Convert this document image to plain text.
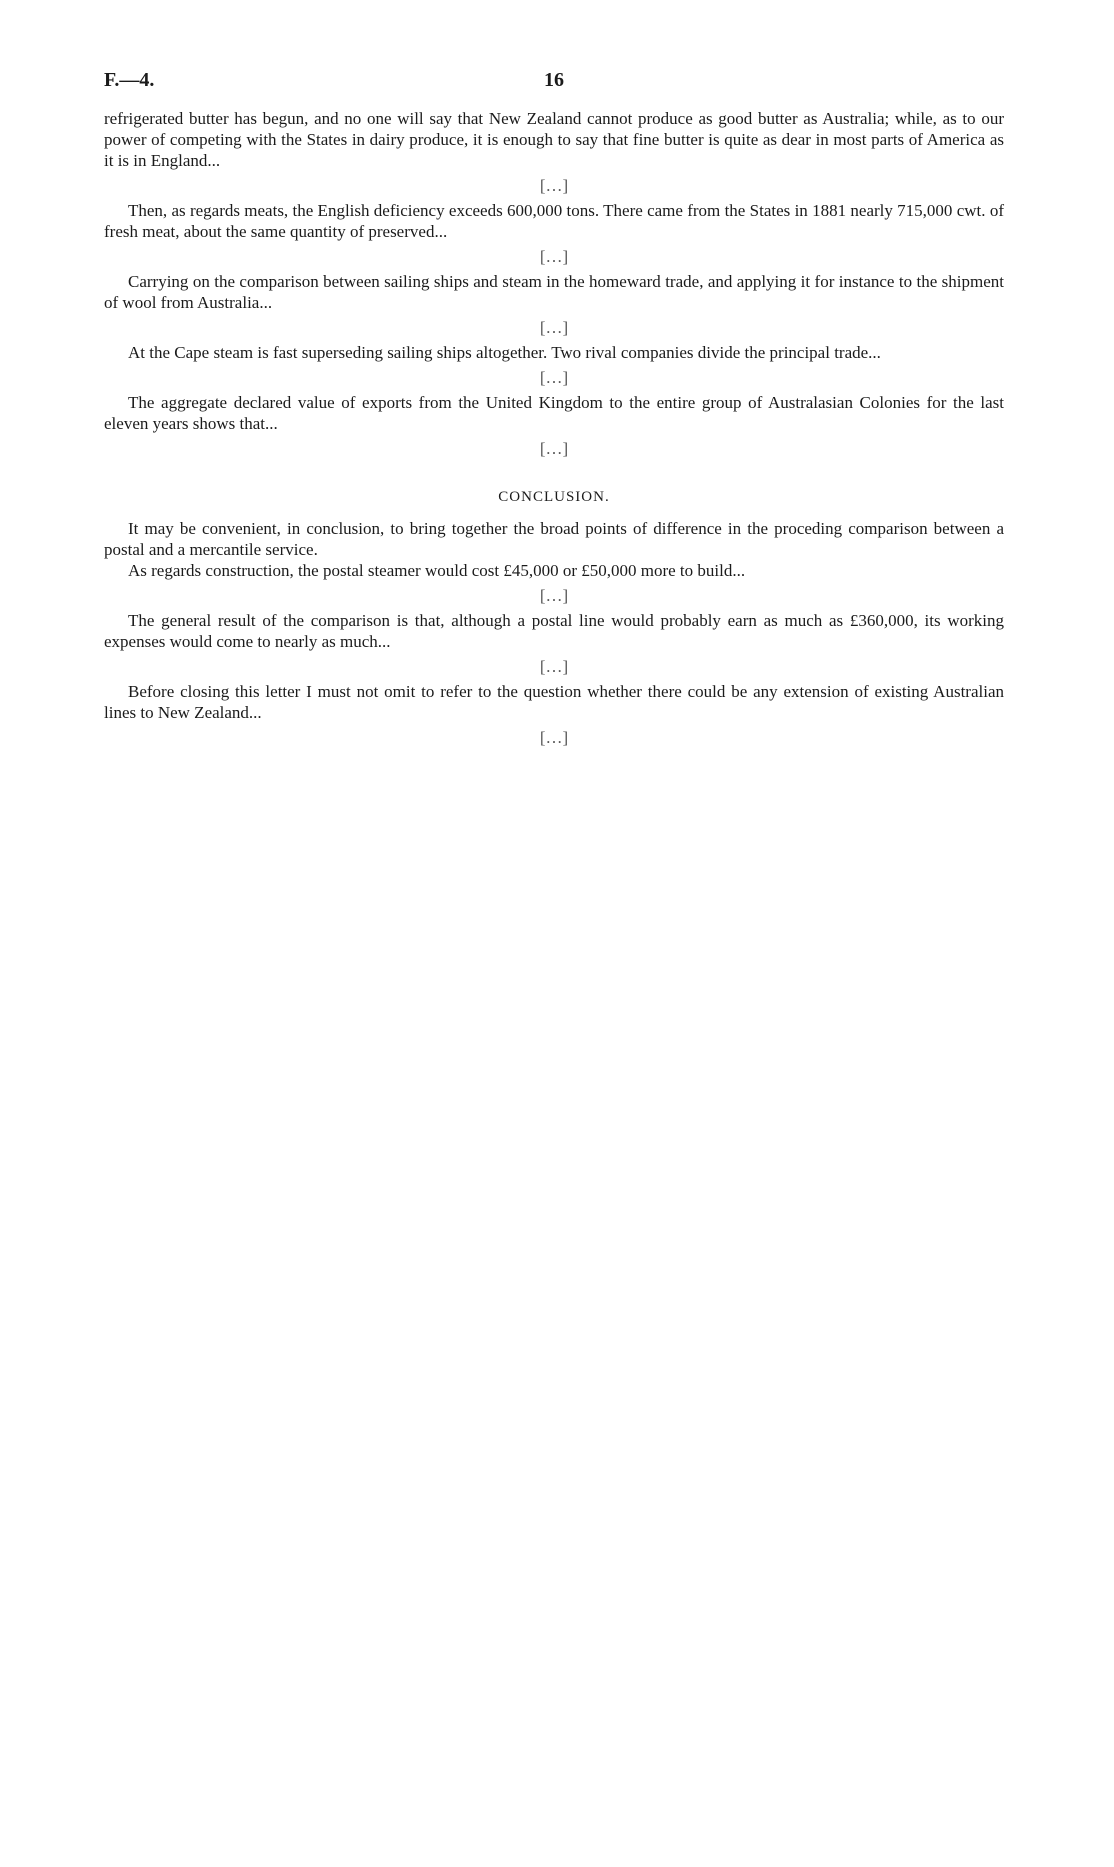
F.—4.	16

refrigerated butter has begun, and no one will say that New Zealand cannot produce as good butter as Australia; while, as to our power of competing with the States in dairy produce, it is enough to say that fine butter is quite as dear in most parts of America as it is in England...

[…]

Then, as regards meats, the English deficiency exceeds 600,000 tons. There came from the States in 1881 nearly 715,000 cwt. of fresh meat, about the same quantity of preserved...

[…]

Carrying on the comparison between sailing ships and steam in the homeward trade, and applying it for instance to the shipment of wool from Australia...

[…]

At the Cape steam is fast superseding sailing ships altogether. Two rival companies divide the principal trade...

[…]

The aggregate declared value of exports from the United Kingdom to the entire group of Australasian Colonies for the last eleven years shows that...

[…]
CONCLUSION.

It may be convenient, in conclusion, to bring together the broad points of difference in the proceding comparison between a postal and a mercantile service.

As regards construction, the postal steamer would cost £45,000 or £50,000 more to build...

[…]

The general result of the comparison is that, although a postal line would probably earn as much as £360,000, its working expenses would come to nearly as much...

[…]

Before closing this letter I must not omit to refer to the question whether there could be any extension of existing Australian lines to New Zealand...

[…]
